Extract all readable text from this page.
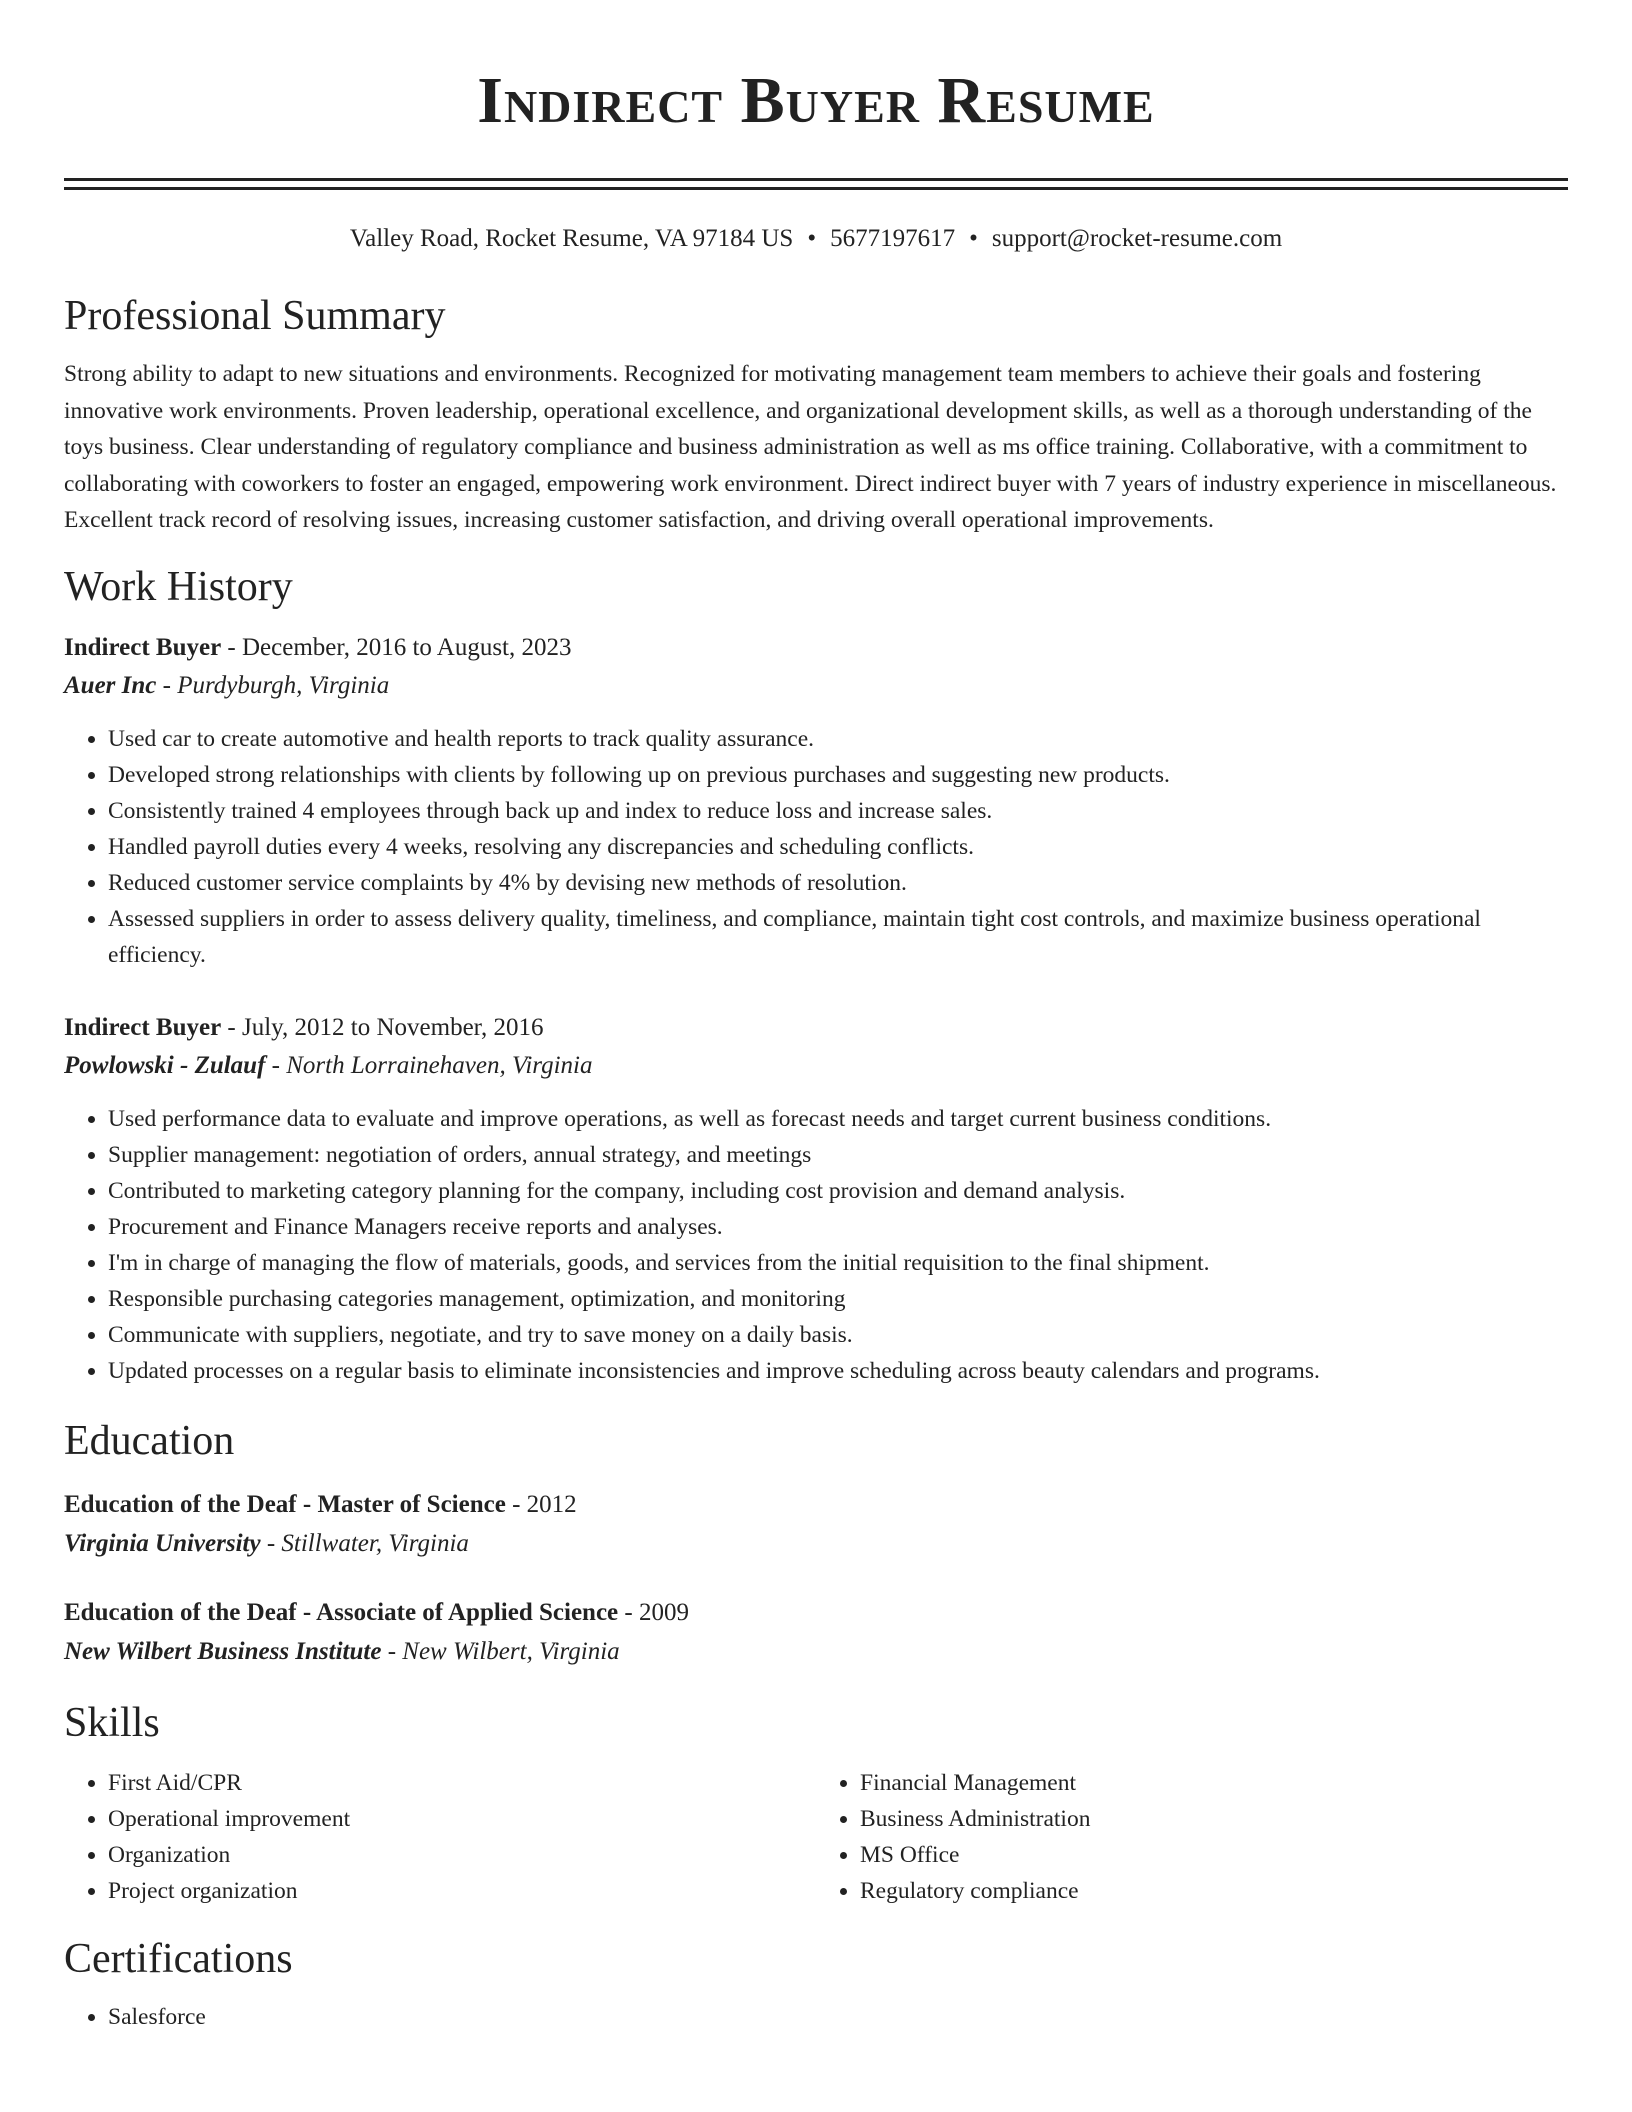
Indirect Buyer Resume
Valley Road, Rocket Resume, VA 97184 US • 5677197617 • support@rocket-resume.com
Professional Summary
Strong ability to adapt to new situations and environments. Recognized for motivating management team members to achieve their goals and fostering innovative work environments. Proven leadership, operational excellence, and organizational development skills, as well as a thorough understanding of the toys business. Clear understanding of regulatory compliance and business administration as well as ms office training. Collaborative, with a commitment to collaborating with coworkers to foster an engaged, empowering work environment. Direct indirect buyer with 7 years of industry experience in miscellaneous. Excellent track record of resolving issues, increasing customer satisfaction, and driving overall operational improvements.
Work History
Indirect Buyer - December, 2016 to August, 2023
Auer Inc - Purdyburgh, Virginia
• Used car to create automotive and health reports to track quality assurance.
• Developed strong relationships with clients by following up on previous purchases and suggesting new products.
• Consistently trained 4 employees through back up and index to reduce loss and increase sales.
• Handled payroll duties every 4 weeks, resolving any discrepancies and scheduling conflicts.
• Reduced customer service complaints by 4% by devising new methods of resolution.
• Assessed suppliers in order to assess delivery quality, timeliness, and compliance, maintain tight cost controls, and maximize business operational efficiency.
Indirect Buyer - July, 2012 to November, 2016
Powlowski - Zulauf - North Lorrainehaven, Virginia
• Used performance data to evaluate and improve operations, as well as forecast needs and target current business conditions.
• Supplier management: negotiation of orders, annual strategy, and meetings
• Contributed to marketing category planning for the company, including cost provision and demand analysis.
• Procurement and Finance Managers receive reports and analyses.
• I'm in charge of managing the flow of materials, goods, and services from the initial requisition to the final shipment.
• Responsible purchasing categories management, optimization, and monitoring
• Communicate with suppliers, negotiate, and try to save money on a daily basis.
• Updated processes on a regular basis to eliminate inconsistencies and improve scheduling across beauty calendars and programs.
Education
Education of the Deaf - Master of Science - 2012
Virginia University - Stillwater, Virginia
Education of the Deaf - Associate of Applied Science - 2009
New Wilbert Business Institute - New Wilbert, Virginia
Skills
• First Aid/CPR
• Operational improvement
• Organization
• Project organization
• Financial Management
• Business Administration
• MS Office
• Regulatory compliance
Certifications
• Salesforce
